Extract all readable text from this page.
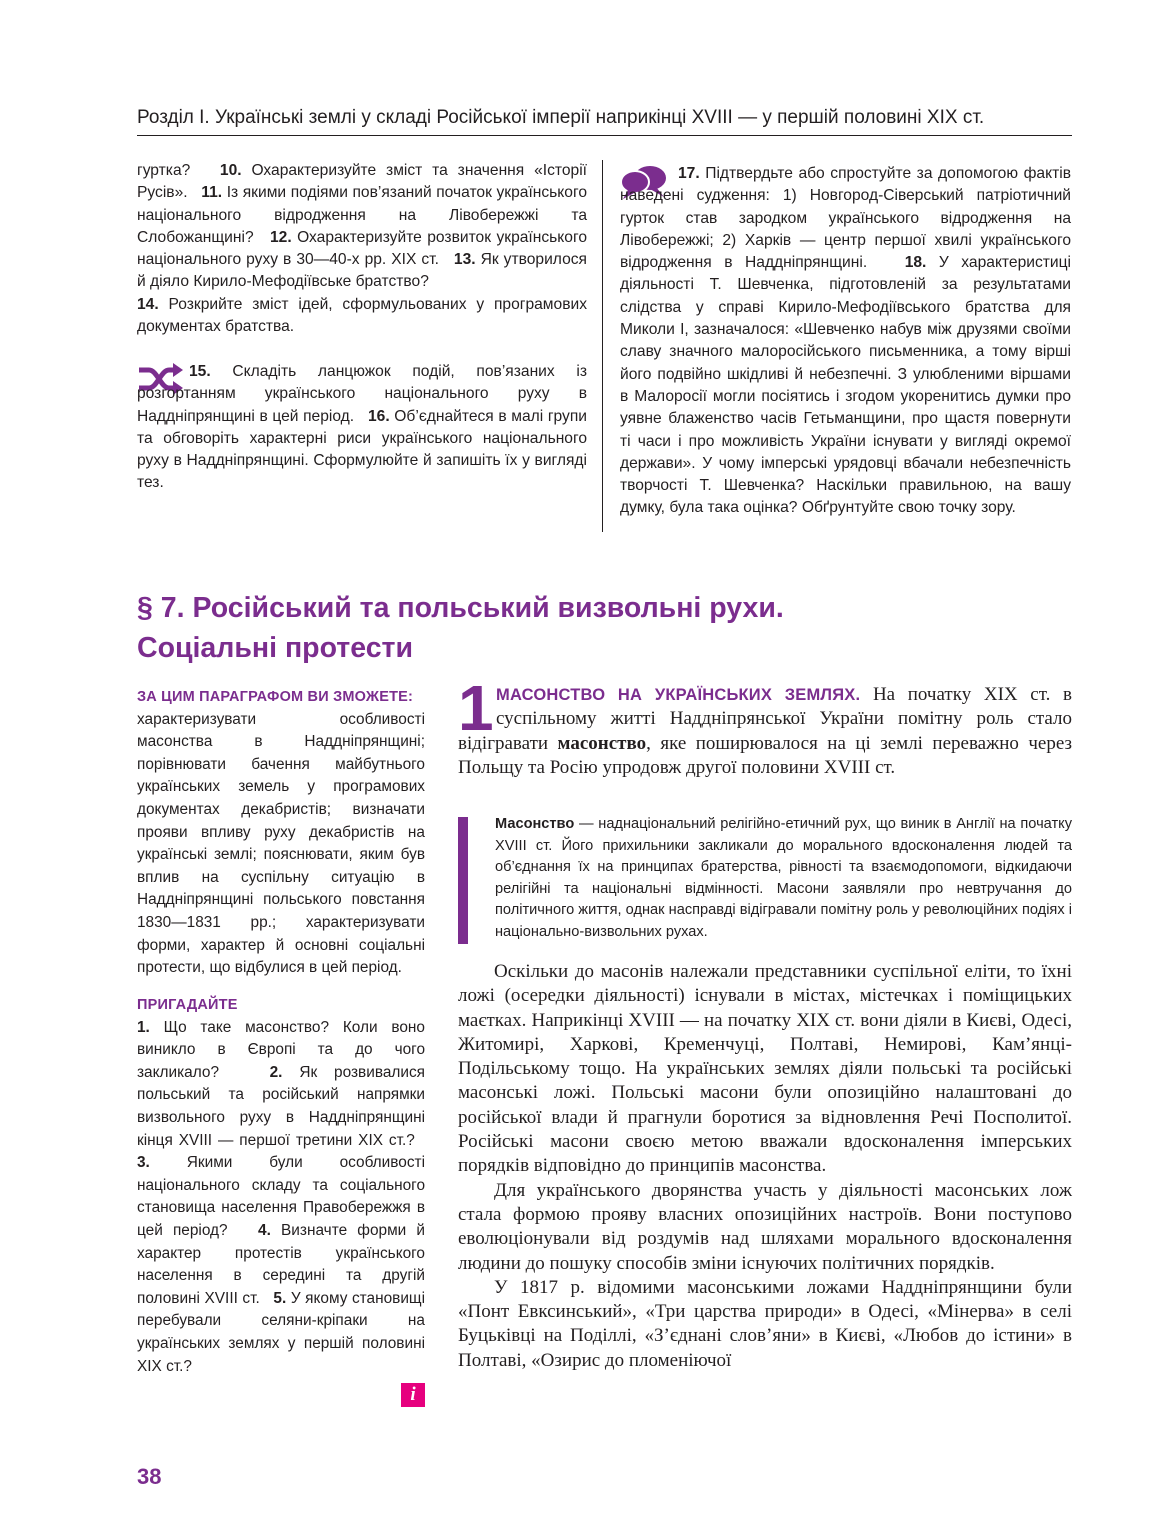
Розділ I. Українські землі у складі Російської імперії наприкінці XVIII — у першій половині XIX ст.
гуртка? 10. Охарактеризуйте зміст та значення «Історії Русів». 11. Із якими подіями пов’язаний початок українського національного відродження на Лівобережжі та Слобожанщині? 12. Охарактеризуйте розвиток українського національного руху в 30—40-х рр. XIX ст. 13. Як утворилося й діяло Кирило-Мефодіївське братство?
14. Розкрийте зміст ідей, сформульованих у програмових документах братства.
15. Складіть ланцюжок подій, пов’язаних із розгортанням українського національного руху в Наддніпрянщині в цей період. 16. Об’єднайтеся в малі групи та обговоріть характерні риси українського національного руху в Наддніпрянщині. Сформулюйте й запишіть їх у вигляді тез.
17. Підтвердьте або спростуйте за допомогою фактів наведені судження: 1) Новгород-Сіверський патріотичний гурток став зародком українського відродження на Лівобережжі; 2) Харків — центр першої хвилі українського відродження в Наддніпрянщині. 18. У характеристиці діяльності Т. Шевченка, підготовленій за результатами слідства у справі Кирило-Мефодіївського братства для Миколи I, зазначалося: «Шевченко набув між друзями своїми славу значного малоросійського письменника, а тому вірші його подвійно шкідливі й небезпечні. З улюбленими віршами в Малоросії могли посіятись і згодом укоренитись думки про уявне блаженство часів Гетьманщини, про щастя повернути ті часи і про можливість України існувати у вигляді окремої держави». У чому імперські урядовці вбачали небезпечність творчості Т. Шевченка? Наскільки правильною, на вашу думку, була така оцінка? Обґрунтуйте свою точку зору.
§ 7. Російський та польський визвольні рухи.
Соціальні протести
ЗА ЦИМ ПАРАГРАФОМ ВИ ЗМОЖЕТЕ:
характеризувати особливості масонства в Наддніпрянщині; порівнювати бачення майбутнього українських земель у програмових документах декабристів; визначати прояви впливу руху декабристів на українські землі; пояснювати, яким був вплив на суспільну ситуацію в Наддніпрянщині польського повстання 1830—1831 рр.; характеризувати форми, характер й основні соціальні протести, що відбулися в цей період.
ПРИГАДАЙТЕ
1. Що таке масонство? Коли воно виникло в Європі та до чого закликало?	2. Як розвивалися польський та російський напрямки визвольного руху в Наддніпрянщині кінця XVIII — першої третини XIX ст.?   3. Якими були особливості національного складу та соціального становища населення Правобережжя в цей період? 4. Визначте форми й характер протестів українського населення в середині та другій половині XVIII ст. 5. У якому становищі перебували селяни-кріпаки на українських землях у першій половині XIX ст.?
i
1 МАСОНСТВО НА УКРАЇНСЬКИХ ЗЕМЛЯХ. На початку XIX ст. в суспільному житті Наддніпрянської України помітну роль стало відігравати масонство, яке поширювалося на ці землі переважно через Польщу та Росію упродовж другої половини XVIII ст.
Масонство — наднаціональний релігійно-етичний рух, що виник в Англії на початку XVIII ст. Його прихильники закликали до морального вдосконалення людей та об’єднання їх на принципах братерства, рівності та взаємодопомоги, відкидаючи релігійні та національні відмінності. Масони заявляли про невтручання до політичного життя, однак насправді відігравали помітну роль у революційних подіях і національно-визвольних рухах.

Оскільки до масонів належали представники суспільної еліти, то їхні ложі (осередки діяльності) існували в містах, містечках і поміщицьких маєтках. Наприкінці XVIII — на початку XIX ст. вони діяли в Києві, Одесі, Житомирі, Харкові, Кременчуці, Полтаві, Немирові, Кам’янці-Подільському тощо. На українських землях діяли польські та російські масонські ложі. Польські масони були опозиційно налаштовані до російської влади й прагнули боротися за відновлення Речі Посполитої. Російські масони своєю метою вважали вдосконалення імперських порядків відповідно до принципів масонства.

Для українського дворянства участь у діяльності масонських лож стала формою прояву власних опозиційних настроїв. Вони поступово еволюціонували від роздумів над шляхами морального вдосконалення людини до пошуку способів зміни існуючих політичних порядків.

У 1817 р. відомими масонськими ложами Наддніпрянщини були «Понт Евксинський», «Три царства природи» в Одесі, «Мінерва» в селі Буцьківці на Поділлі, «З’єднані слов’яни» в Києві, «Любов до істини» в Полтаві, «Озирис до пломеніючої

38
